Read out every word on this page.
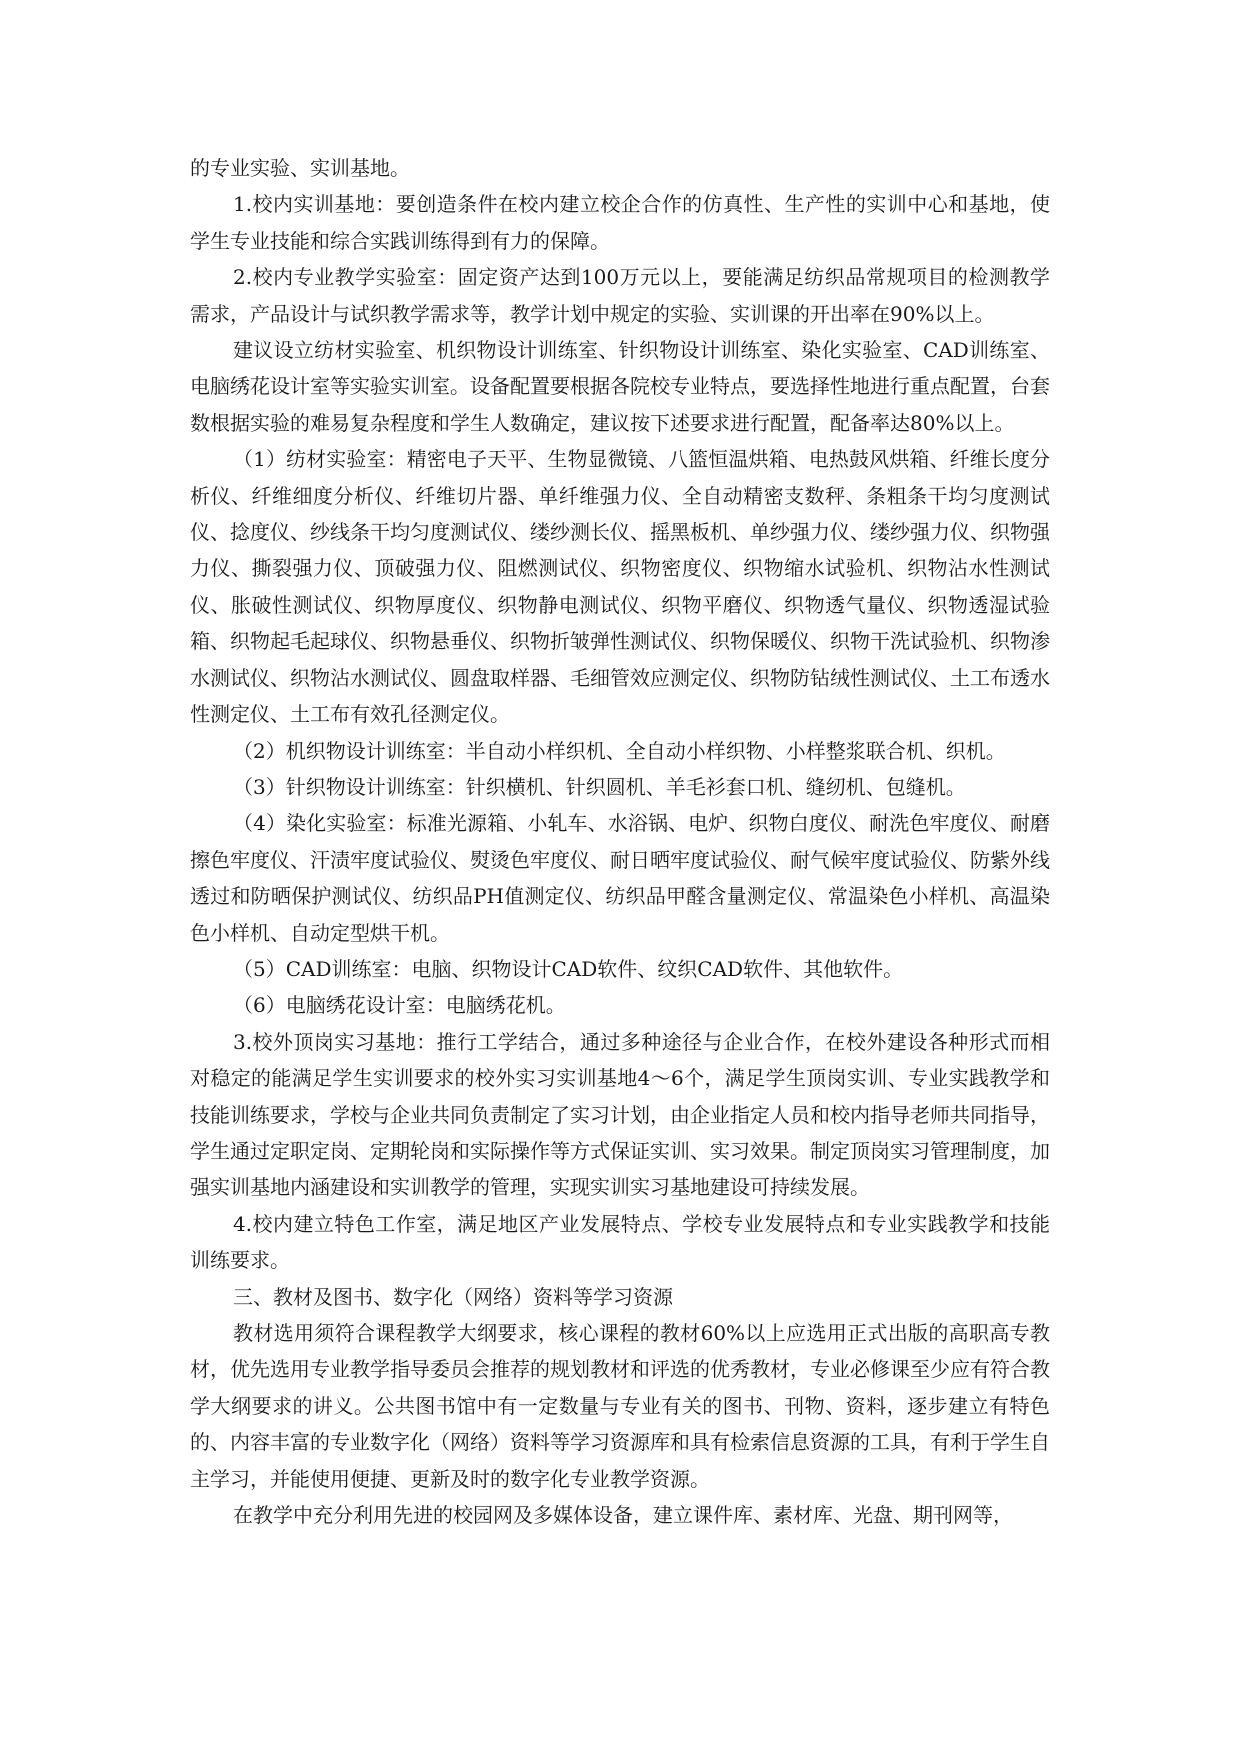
的专业实验、实训基地。

1.校内实训基地：要创造条件在校内建立校企合作的仿真性、生产性的实训中心和基地，使学生专业技能和综合实践训练得到有力的保障。

2.校内专业教学实验室：固定资产达到100万元以上，要能满足纺织品常规项目的检测教学需求，产品设计与试织教学需求等，教学计划中规定的实验、实训课的开出率在90%以上。

建议设立纺材实验室、机织物设计训练室、针织物设计训练室、染化实验室、CAD训练室、电脑绣花设计室等实验实训室。设备配置要根据各院校专业特点，要选择性地进行重点配置，台套数根据实验的难易复杂程度和学生人数确定，建议按下述要求进行配置，配备率达80%以上。

（1）纺材实验室：精密电子天平、生物显微镜、八篮恒温烘箱、电热鼓风烘箱、纤维长度分析仪、纤维细度分析仪、纤维切片器、单纤维强力仪、全自动精密支数秤、条粗条干均匀度测试仪、捻度仪、纱线条干均匀度测试仪、缕纱测长仪、摇黑板机、单纱强力仪、缕纱强力仪、织物强力仪、撕裂强力仪、顶破强力仪、阻燃测试仪、织物密度仪、织物缩水试验机、织物沾水性测试仪、胀破性测试仪、织物厚度仪、织物静电测试仪、织物平磨仪、织物透气量仪、织物透湿试验箱、织物起毛起球仪、织物悬垂仪、织物折皱弹性测试仪、织物保暖仪、织物干洗试验机、织物渗水测试仪、织物沾水测试仪、圆盘取样器、毛细管效应测定仪、织物防钻绒性测试仪、土工布透水性测定仪、土工布有效孔径测定仪。

（2）机织物设计训练室：半自动小样织机、全自动小样织物、小样整浆联合机、织机。

（3）针织物设计训练室：针织横机、针织圆机、羊毛衫套口机、缝纫机、包缝机。

（4）染化实验室：标准光源箱、小轧车、水浴锅、电炉、织物白度仪、耐洗色牢度仪、耐磨擦色牢度仪、汗渍牢度试验仪、熨烫色牢度仪、耐日晒牢度试验仪、耐气候牢度试验仪、防紫外线透过和防晒保护测试仪、纺织品PH值测定仪、纺织品甲醛含量测定仪、常温染色小样机、高温染色小样机、自动定型烘干机。

（5）CAD训练室：电脑、织物设计CAD软件、纹织CAD软件、其他软件。

（6）电脑绣花设计室：电脑绣花机。

3.校外顶岗实习基地：推行工学结合，通过多种途径与企业合作，在校外建设各种形式而相对稳定的能满足学生实训要求的校外实习实训基地4～6个，满足学生顶岗实训、专业实践教学和技能训练要求，学校与企业共同负责制定了实习计划，由企业指定人员和校内指导老师共同指导，学生通过定职定岗、定期轮岗和实际操作等方式保证实训、实习效果。制定顶岗实习管理制度，加强实训基地内涵建设和实训教学的管理，实现实训实习基地建设可持续发展。

4.校内建立特色工作室，满足地区产业发展特点、学校专业发展特点和专业实践教学和技能训练要求。

三、教材及图书、数字化（网络）资料等学习资源

教材选用须符合课程教学大纲要求，核心课程的教材60%以上应选用正式出版的高职高专教材，优先选用专业教学指导委员会推荐的规划教材和评选的优秀教材，专业必修课至少应有符合教学大纲要求的讲义。公共图书馆中有一定数量与专业有关的图书、刊物、资料，逐步建立有特色的、内容丰富的专业数字化（网络）资料等学习资源库和具有检索信息资源的工具，有利于学生自主学习，并能使用便捷、更新及时的数字化专业教学资源。

在教学中充分利用先进的校园网及多媒体设备，建立课件库、素材库、光盘、期刊网等，
